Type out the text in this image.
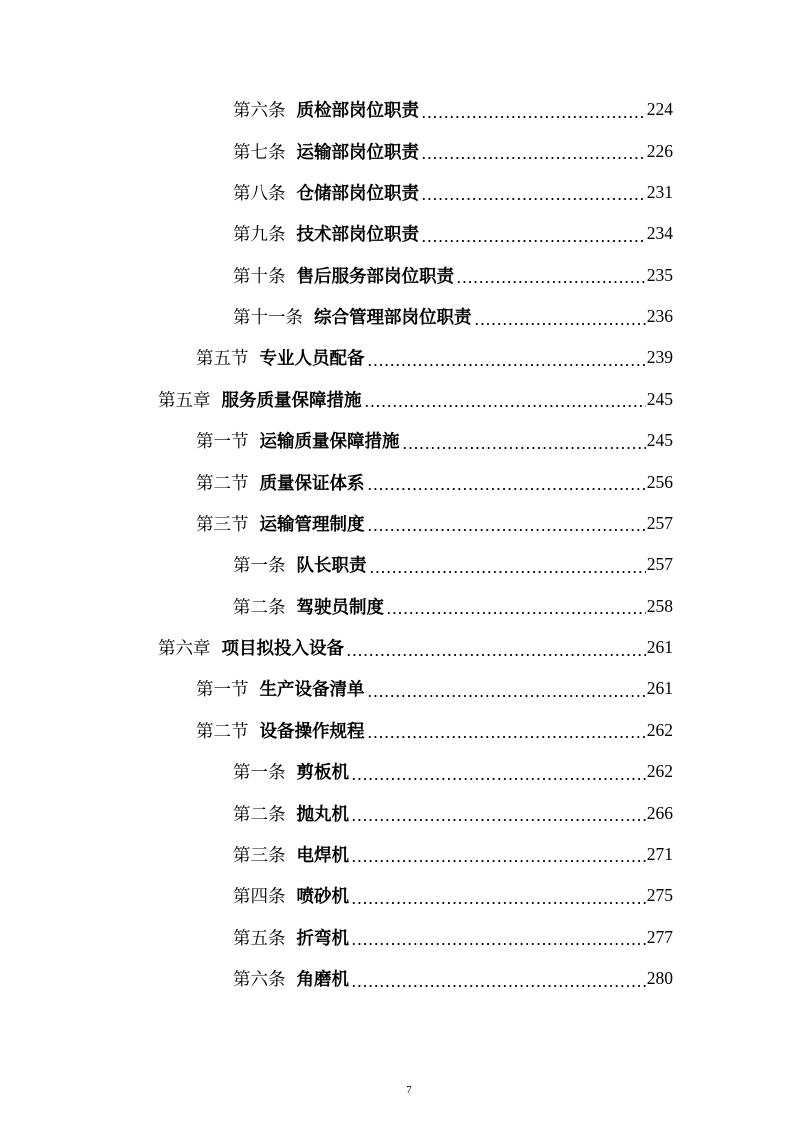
第六条 质检部岗位职责	224
第七条 运输部岗位职责	226
第八条 仓储部岗位职责	231
第九条 技术部岗位职责	234
第十条 售后服务部岗位职责	235
第十一条 综合管理部岗位职责	236
第五节 专业人员配备	239
第五章 服务质量保障措施	245
第一节 运输质量保障措施	245
第二节 质量保证体系	256
第三节 运输管理制度	257
第一条 队长职责	257
第二条 驾驶员制度	258
第六章 项目拟投入设备	261
第一节 生产设备清单	261
第二节 设备操作规程	262
第一条 剪板机	262
第二条 抛丸机	266
第三条 电焊机	271
第四条 喷砂机	275
第五条 折弯机	277
第六条 角磨机	280
7
